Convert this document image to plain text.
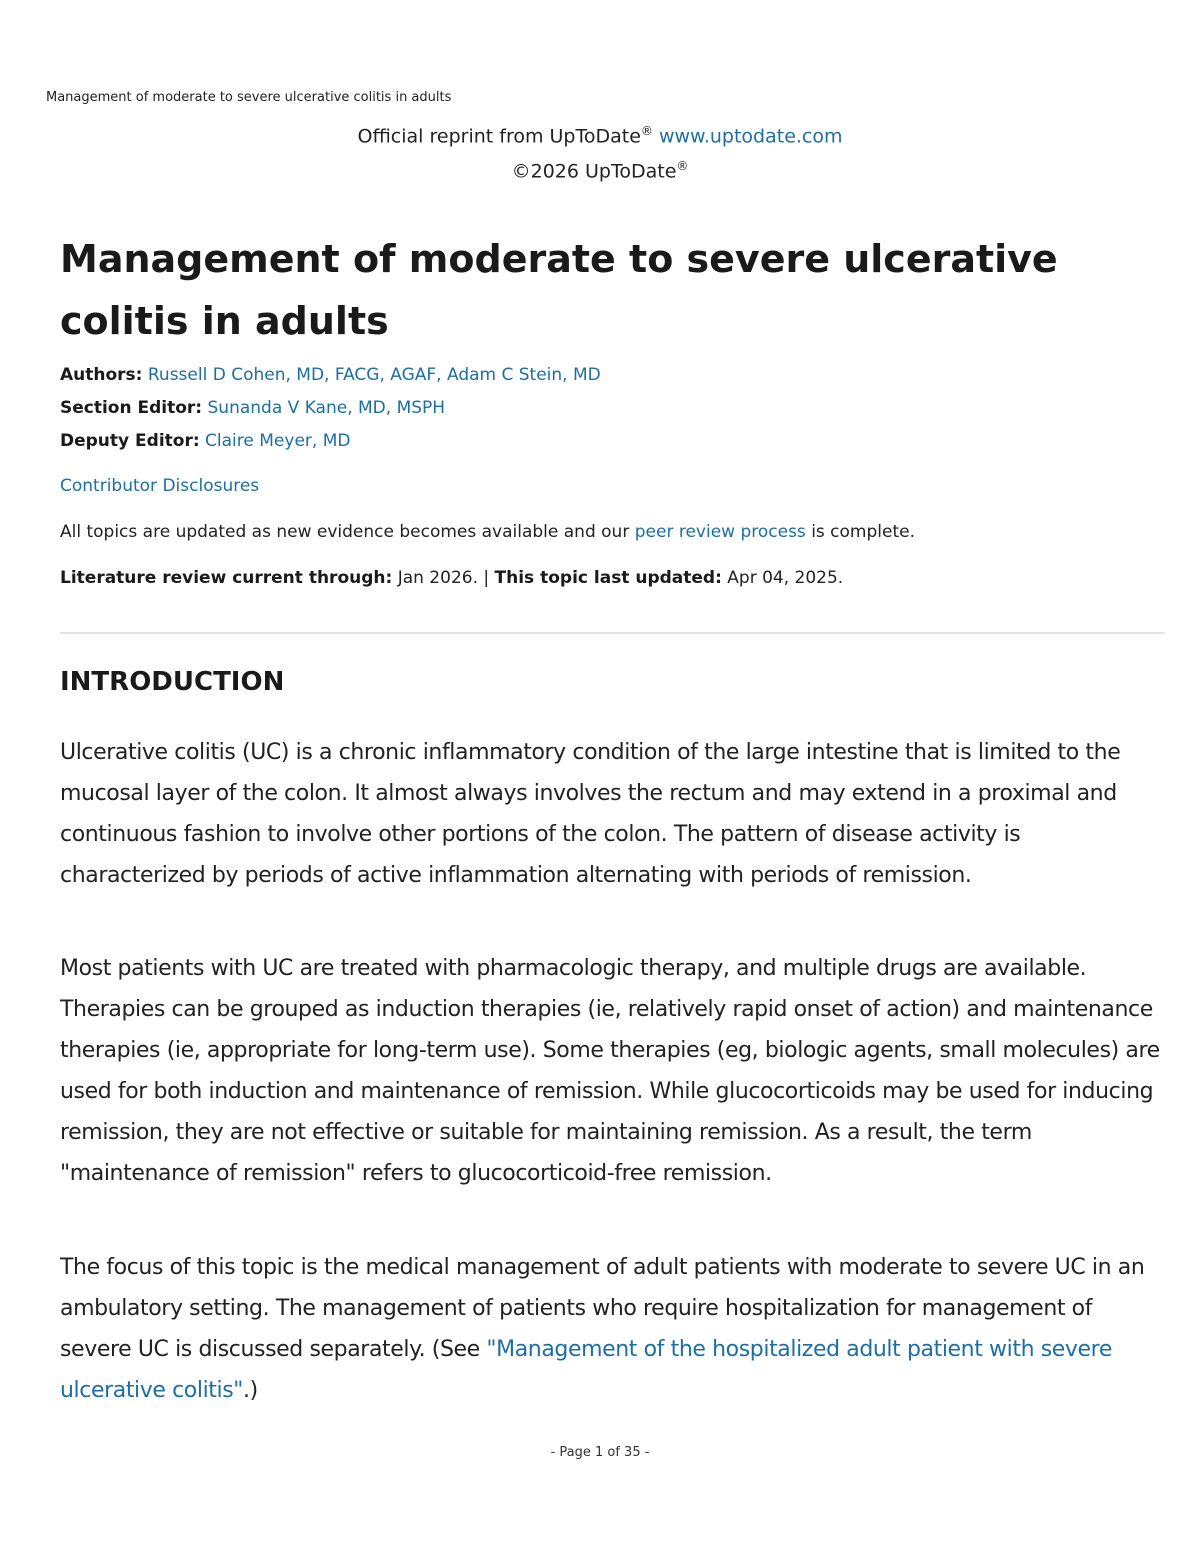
Management of moderate to severe ulcerative colitis in adults
Official reprint from UpToDate® www.uptodate.com
©2026 UpToDate®
Management of moderate to severe ulcerative colitis in adults
Authors: Russell D Cohen, MD, FACG, AGAF, Adam C Stein, MD
Section Editor: Sunanda V Kane, MD, MSPH
Deputy Editor: Claire Meyer, MD
Contributor Disclosures
All topics are updated as new evidence becomes available and our peer review process is complete.
Literature review current through: Jan 2026. | This topic last updated: Apr 04, 2025.
INTRODUCTION

Ulcerative colitis (UC) is a chronic inflammatory condition of the large intestine that is limited to the mucosal layer of the colon. It almost always involves the rectum and may extend in a proximal and continuous fashion to involve other portions of the colon. The pattern of disease activity is characterized by periods of active inflammation alternating with periods of remission.

Most patients with UC are treated with pharmacologic therapy, and multiple drugs are available. Therapies can be grouped as induction therapies (ie, relatively rapid onset of action) and maintenance therapies (ie, appropriate for long-term use). Some therapies (eg, biologic agents, small molecules) are used for both induction and maintenance of remission. While glucocorticoids may be used for inducing remission, they are not effective or suitable for maintaining remission. As a result, the term "maintenance of remission" refers to glucocorticoid-free remission.

The focus of this topic is the medical management of adult patients with moderate to severe UC in an ambulatory setting. The management of patients who require hospitalization for management of severe UC is discussed separately. (See "Management of the hospitalized adult patient with severe ulcerative colitis".)

- Page 1 of 35 -
